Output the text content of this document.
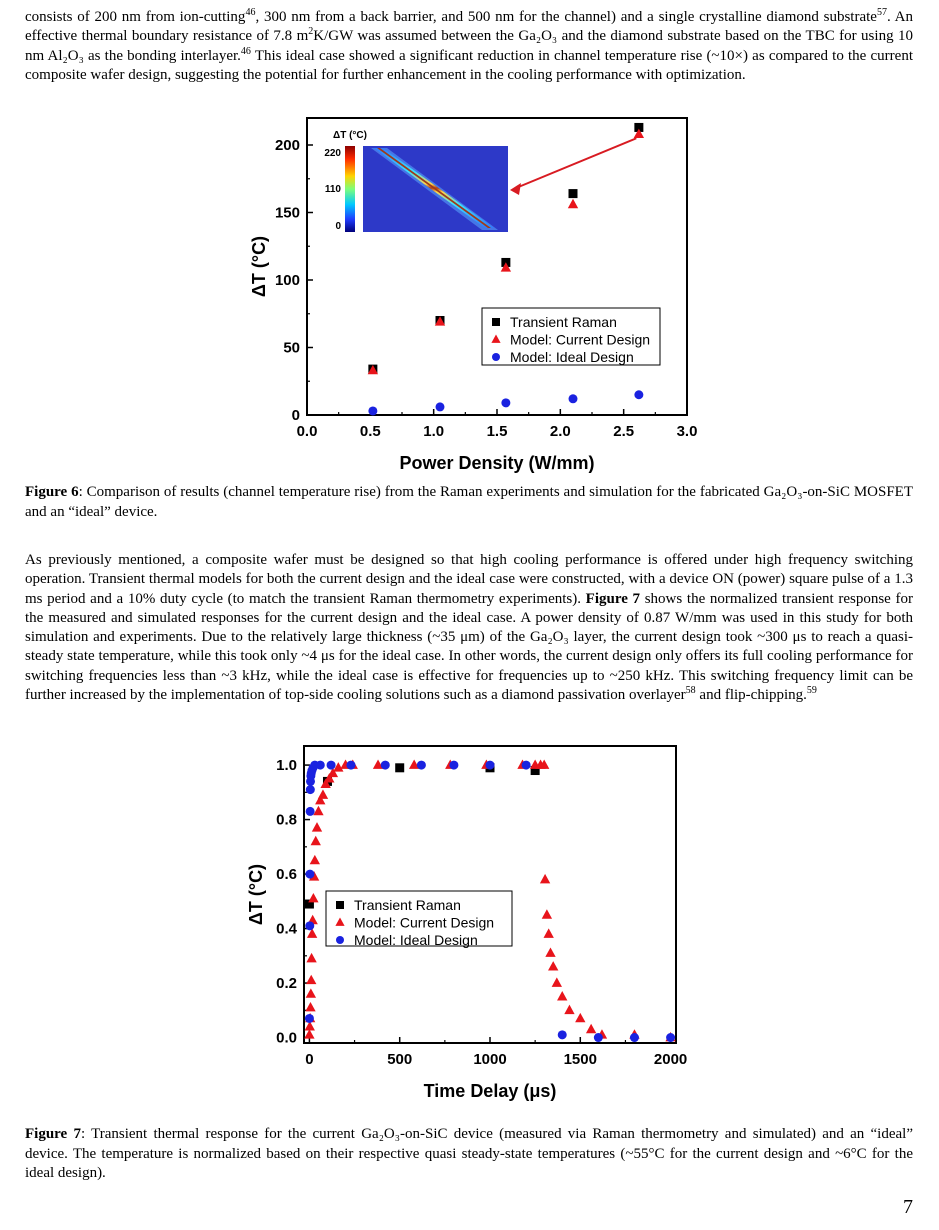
consists of 200 nm from ion-cutting$^{46}$, 300 nm from a back barrier, and 500 nm for the channel) and a single crystalline diamond substrate$^{57}$. An effective thermal boundary resistance of 7.8 $m^2K/GW$ was assumed between the Ga₂O₃ and the diamond substrate based on the TBC for using 10 nm Al₂O₃ as the bonding interlayer.$^{46}$ This ideal case showed a significant reduction in channel temperature rise (~10×) as compared to the current composite wafer design, suggesting the potential for further enhancement in the cooling performance with optimization.

0.0	0.5	1.0	1.5	2.0	2.5	3.0
0
50
100
150
200
Power Density (W/mm)
ΔT (°C)
Transient Raman
Model: Current Design
Model: Ideal Design
ΔT (°C)
220
110
0

Figure 6: Comparison of results (channel temperature rise) from the Raman experiments and simulation for the fabricated Ga₂O₃-on-SiC MOSFET and an “ideal” device.

As previously mentioned, a composite wafer must be designed so that high cooling performance is offered under high frequency switching operation. Transient thermal models for both the current design and the ideal case were constructed, with a device ON (power) square pulse of a 1.3 ms period and a 10% duty cycle (to match the transient Raman thermometry experiments). Figure 7 shows the normalized transient response for the measured and simulated responses for the current design and the ideal case. A power density of 0.87 W/mm was used in this study for both simulation and experiments. Due to the relatively large thickness (~35 μm) of the Ga₂O₃ layer, the current design took ~300 μs to reach a quasi-steady state temperature, while this took only ~4 μs for the ideal case. In other words, the current design only offers its full cooling performance for switching frequencies less than ~3 kHz, while the ideal case is effective for frequencies up to ~250 kHz. This switching frequency limit can be further increased by the implementation of top-side cooling solutions such as a diamond passivation overlayer$^{58}$ and flip-chipping.$^{59}$

0	500	1000	1500	2000
0.0
0.2
0.4
0.6
0.8
1.0
Time Delay (μs)
ΔT (°C)	Transient Raman
Model: Current Design
Model: Ideal Design

Figure 7: Transient thermal response for the current Ga₂O₃-on-SiC device (measured via Raman thermometry and simulated) and an “ideal” device. The temperature is normalized based on their respective quasi steady-state temperatures (~55°C for the current design and ~6°C for the ideal design).

7
